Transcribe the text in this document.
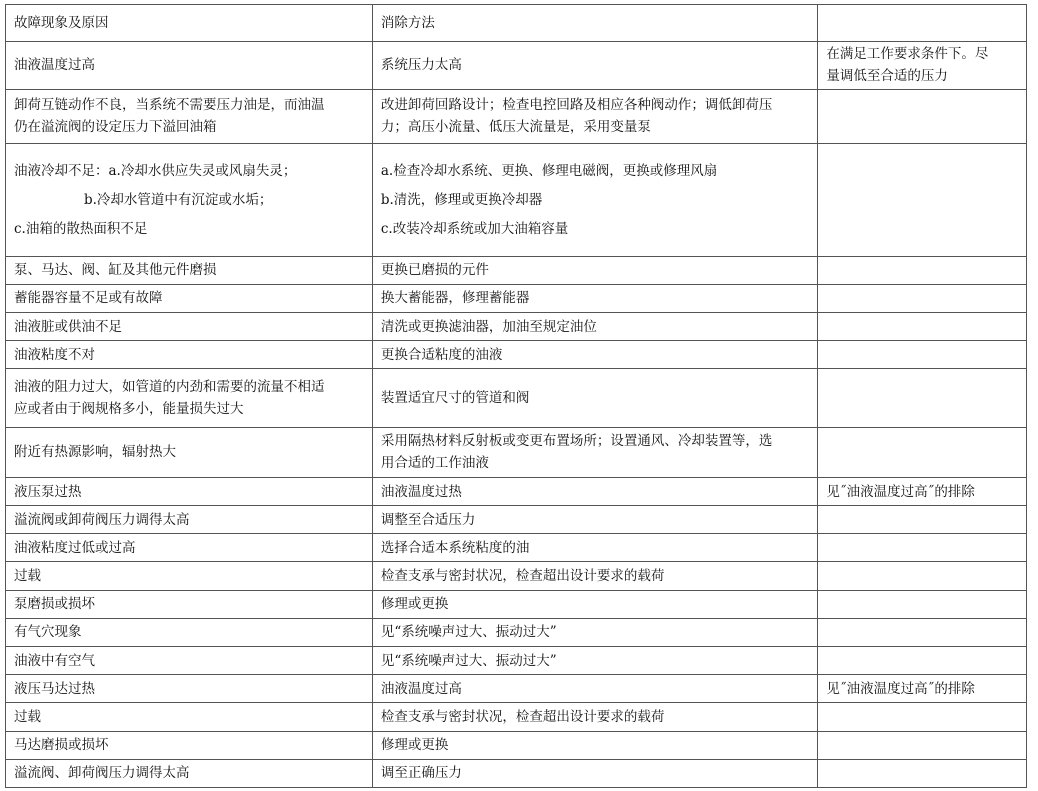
故障现象及原因	消除方法	

油液温度过高	系统压力太高	在满足工作要求条件下。尽
量调低至合适的压力

卸荷互链动作不良，当系统不需要压力油是，而油温
仍在溢流阀的设定压力下溢回油箱	改进卸荷回路设计；检查电控回路及相应各种阀动作；调低卸荷压
力；高压小流量、低压大流量是，采用变量泵	

油液冷却不足：a.冷却水供应失灵或风扇失灵；
b.冷却水管道中有沉淀或水垢；
c.油箱的散热面积不足	a.检查冷却水系统、更换、修理电磁阀，更换或修理风扇
b.清洗，修理或更换冷却器
c.改装冷却系统或加大油箱容量	

泵、马达、阀、缸及其他元件磨损	更换已磨损的元件	

蓄能器容量不足或有故障	换大蓄能器，修理蓄能器	

油液脏或供油不足	清洗或更换滤油器，加油至规定油位	

油液粘度不对	更换合适粘度的油液	

油液的阻力过大，如管道的内劲和需要的流量不相适
应或者由于阀规格多小，能量损失过大	装置适宜尺寸的管道和阀	

附近有热源影响，辐射热大	采用隔热材料反射板或变更布置场所；设置通风、冷却装置等，选
用合适的工作油液	

液压泵过热	油液温度过热	见˝油液温度过高˝的排除

溢流阀或卸荷阀压力调得太高	调整至合适压力	

油液粘度过低或过高	选择合适本系统粘度的油	

过载	检查支承与密封状况，检查超出设计要求的载荷	

泵磨损或损坏	修理或更换	

有气穴现象	见“系统噪声过大、振动过大”	

油液中有空气	见“系统噪声过大、振动过大”	

液压马达过热	油液温度过高	见˝油液温度过高˝的排除

过载	检查支承与密封状况，检查超出设计要求的载荷	

马达磨损或损坏	修理或更换	

溢流阀、卸荷阀压力调得太高	调至正确压力	
